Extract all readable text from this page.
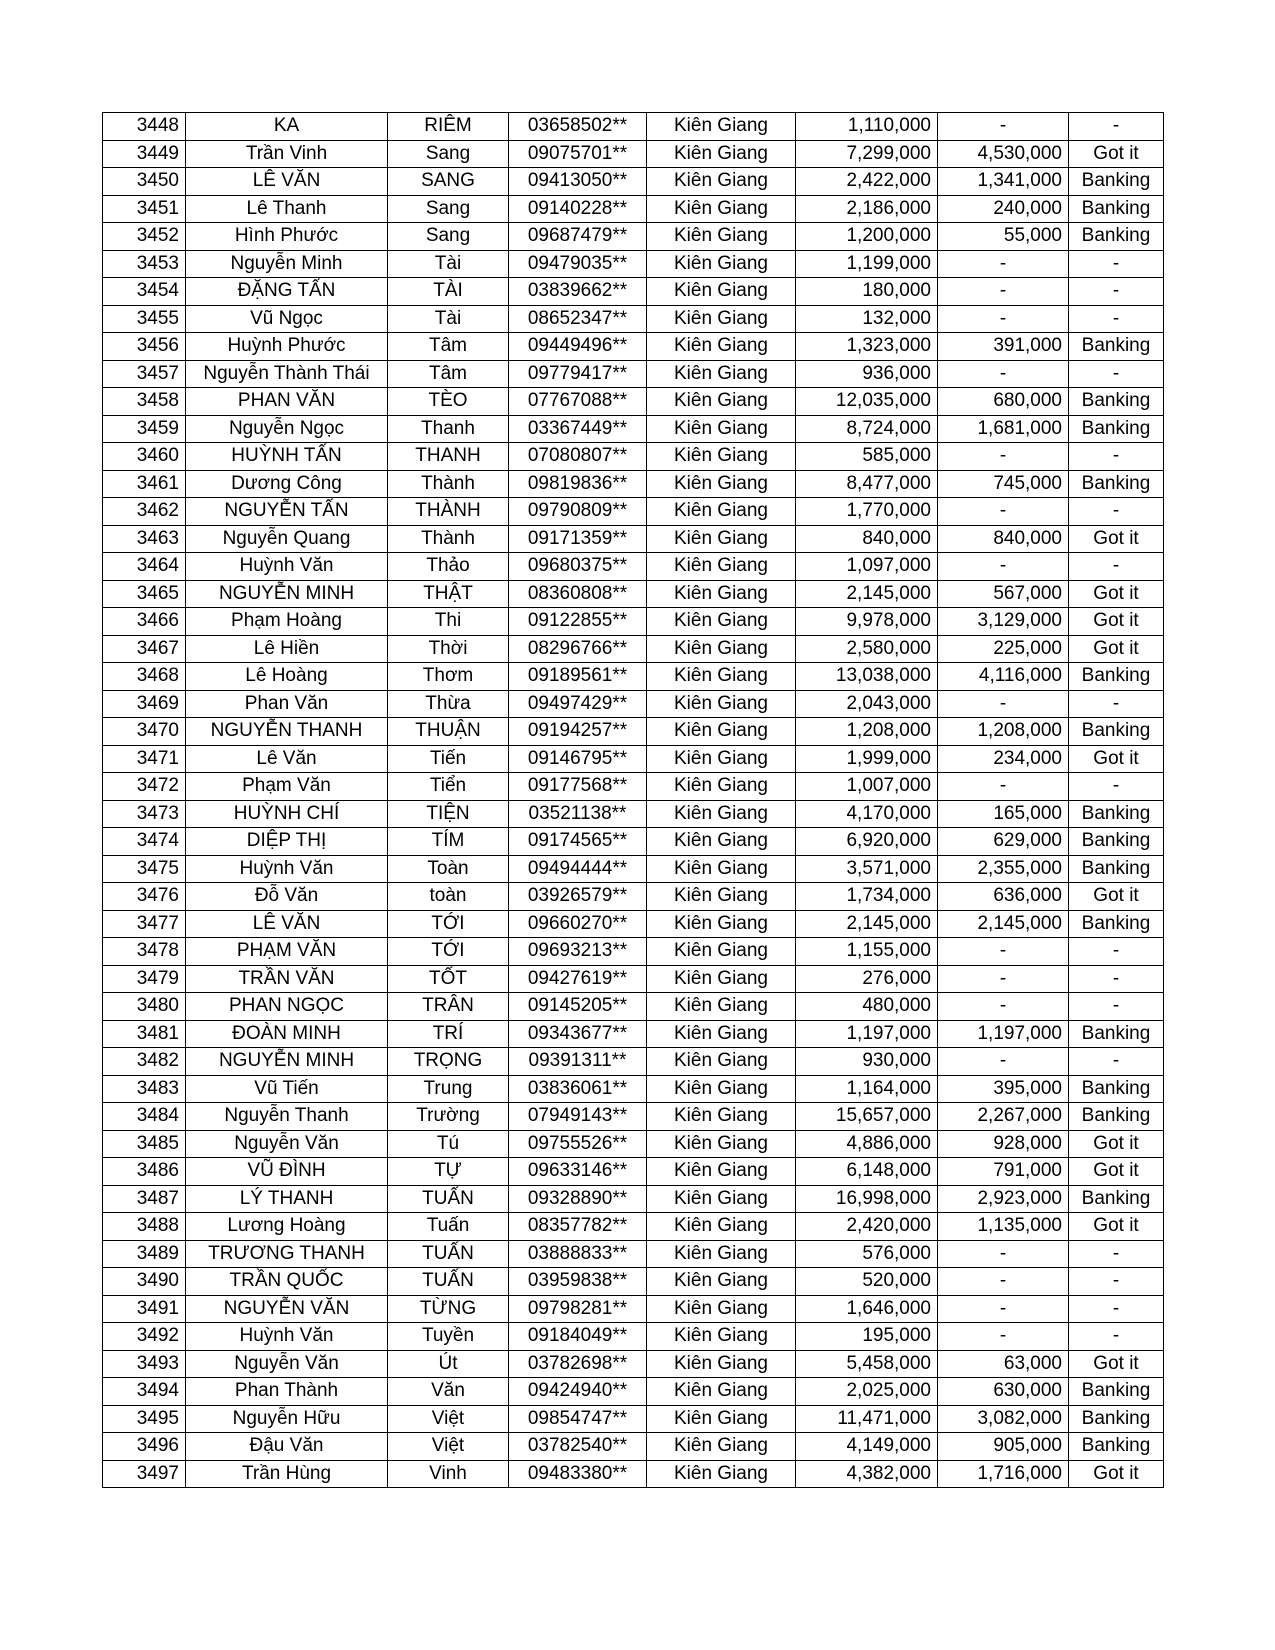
3448	KA	RIÊM	03658502**	Kiên Giang	1,110,000	-	-
3449	Trần Vinh	Sang	09075701**	Kiên Giang	7,299,000	4,530,000	Got it
3450	LÊ VĂN	SANG	09413050**	Kiên Giang	2,422,000	1,341,000	Banking
3451	Lê Thanh	Sang	09140228**	Kiên Giang	2,186,000	240,000	Banking
3452	Hình Phước	Sang	09687479**	Kiên Giang	1,200,000	55,000	Banking
3453	Nguyễn Minh	Tài	09479035**	Kiên Giang	1,199,000	-	-
3454	ĐẶNG TẤN	TÀI	03839662**	Kiên Giang	180,000	-	-
3455	Vũ Ngọc	Tài	08652347**	Kiên Giang	132,000	-	-
3456	Huỳnh Phước	Tâm	09449496**	Kiên Giang	1,323,000	391,000	Banking
3457	Nguyễn Thành Thái	Tâm	09779417**	Kiên Giang	936,000	-	-
3458	PHAN VĂN	TÈO	07767088**	Kiên Giang	12,035,000	680,000	Banking
3459	Nguyễn Ngọc	Thanh	03367449**	Kiên Giang	8,724,000	1,681,000	Banking
3460	HUỲNH TẤN	THANH	07080807**	Kiên Giang	585,000	-	-
3461	Dương Công	Thành	09819836**	Kiên Giang	8,477,000	745,000	Banking
3462	NGUYỄN TẤN	THÀNH	09790809**	Kiên Giang	1,770,000	-	-
3463	Nguyễn Quang	Thành	09171359**	Kiên Giang	840,000	840,000	Got it
3464	Huỳnh Văn	Thảo	09680375**	Kiên Giang	1,097,000	-	-
3465	NGUYỄN MINH	THẬT	08360808**	Kiên Giang	2,145,000	567,000	Got it
3466	Phạm Hoàng	Thi	09122855**	Kiên Giang	9,978,000	3,129,000	Got it
3467	Lê Hiền	Thời	08296766**	Kiên Giang	2,580,000	225,000	Got it
3468	Lê Hoàng	Thơm	09189561**	Kiên Giang	13,038,000	4,116,000	Banking
3469	Phan Văn	Thừa	09497429**	Kiên Giang	2,043,000	-	-
3470	NGUYỄN THANH	THUẬN	09194257**	Kiên Giang	1,208,000	1,208,000	Banking
3471	Lê Văn	Tiến	09146795**	Kiên Giang	1,999,000	234,000	Got it
3472	Phạm Văn	Tiển	09177568**	Kiên Giang	1,007,000	-	-
3473	HUỲNH CHÍ	TIỆN	03521138**	Kiên Giang	4,170,000	165,000	Banking
3474	DIỆP THỊ	TÍM	09174565**	Kiên Giang	6,920,000	629,000	Banking
3475	Huỳnh Văn	Toàn	09494444**	Kiên Giang	3,571,000	2,355,000	Banking
3476	Đỗ Văn	toàn	03926579**	Kiên Giang	1,734,000	636,000	Got it
3477	LÊ VĂN	TỚI	09660270**	Kiên Giang	2,145,000	2,145,000	Banking
3478	PHẠM VĂN	TỚI	09693213**	Kiên Giang	1,155,000	-	-
3479	TRẦN VĂN	TỐT	09427619**	Kiên Giang	276,000	-	-
3480	PHAN NGỌC	TRÂN	09145205**	Kiên Giang	480,000	-	-
3481	ĐOÀN MINH	TRÍ	09343677**	Kiên Giang	1,197,000	1,197,000	Banking
3482	NGUYỄN MINH	TRỌNG	09391311**	Kiên Giang	930,000	-	-
3483	Vũ Tiến	Trung	03836061**	Kiên Giang	1,164,000	395,000	Banking
3484	Nguyễn Thanh	Trường	07949143**	Kiên Giang	15,657,000	2,267,000	Banking
3485	Nguyễn Văn	Tú	09755526**	Kiên Giang	4,886,000	928,000	Got it
3486	VŨ ĐÌNH	TỰ	09633146**	Kiên Giang	6,148,000	791,000	Got it
3487	LÝ THANH	TUẤN	09328890**	Kiên Giang	16,998,000	2,923,000	Banking
3488	Lương Hoàng	Tuấn	08357782**	Kiên Giang	2,420,000	1,135,000	Got it
3489	TRƯƠNG THANH	TUẤN	03888833**	Kiên Giang	576,000	-	-
3490	TRẦN QUỐC	TUẤN	03959838**	Kiên Giang	520,000	-	-
3491	NGUYỄN VĂN	TỪNG	09798281**	Kiên Giang	1,646,000	-	-
3492	Huỳnh Văn	Tuyền	09184049**	Kiên Giang	195,000	-	-
3493	Nguyễn Văn	Út	03782698**	Kiên Giang	5,458,000	63,000	Got it
3494	Phan Thành	Văn	09424940**	Kiên Giang	2,025,000	630,000	Banking
3495	Nguyễn Hữu	Việt	09854747**	Kiên Giang	11,471,000	3,082,000	Banking
3496	Đậu Văn	Việt	03782540**	Kiên Giang	4,149,000	905,000	Banking
3497	Trần Hùng	Vinh	09483380**	Kiên Giang	4,382,000	1,716,000	Got it
